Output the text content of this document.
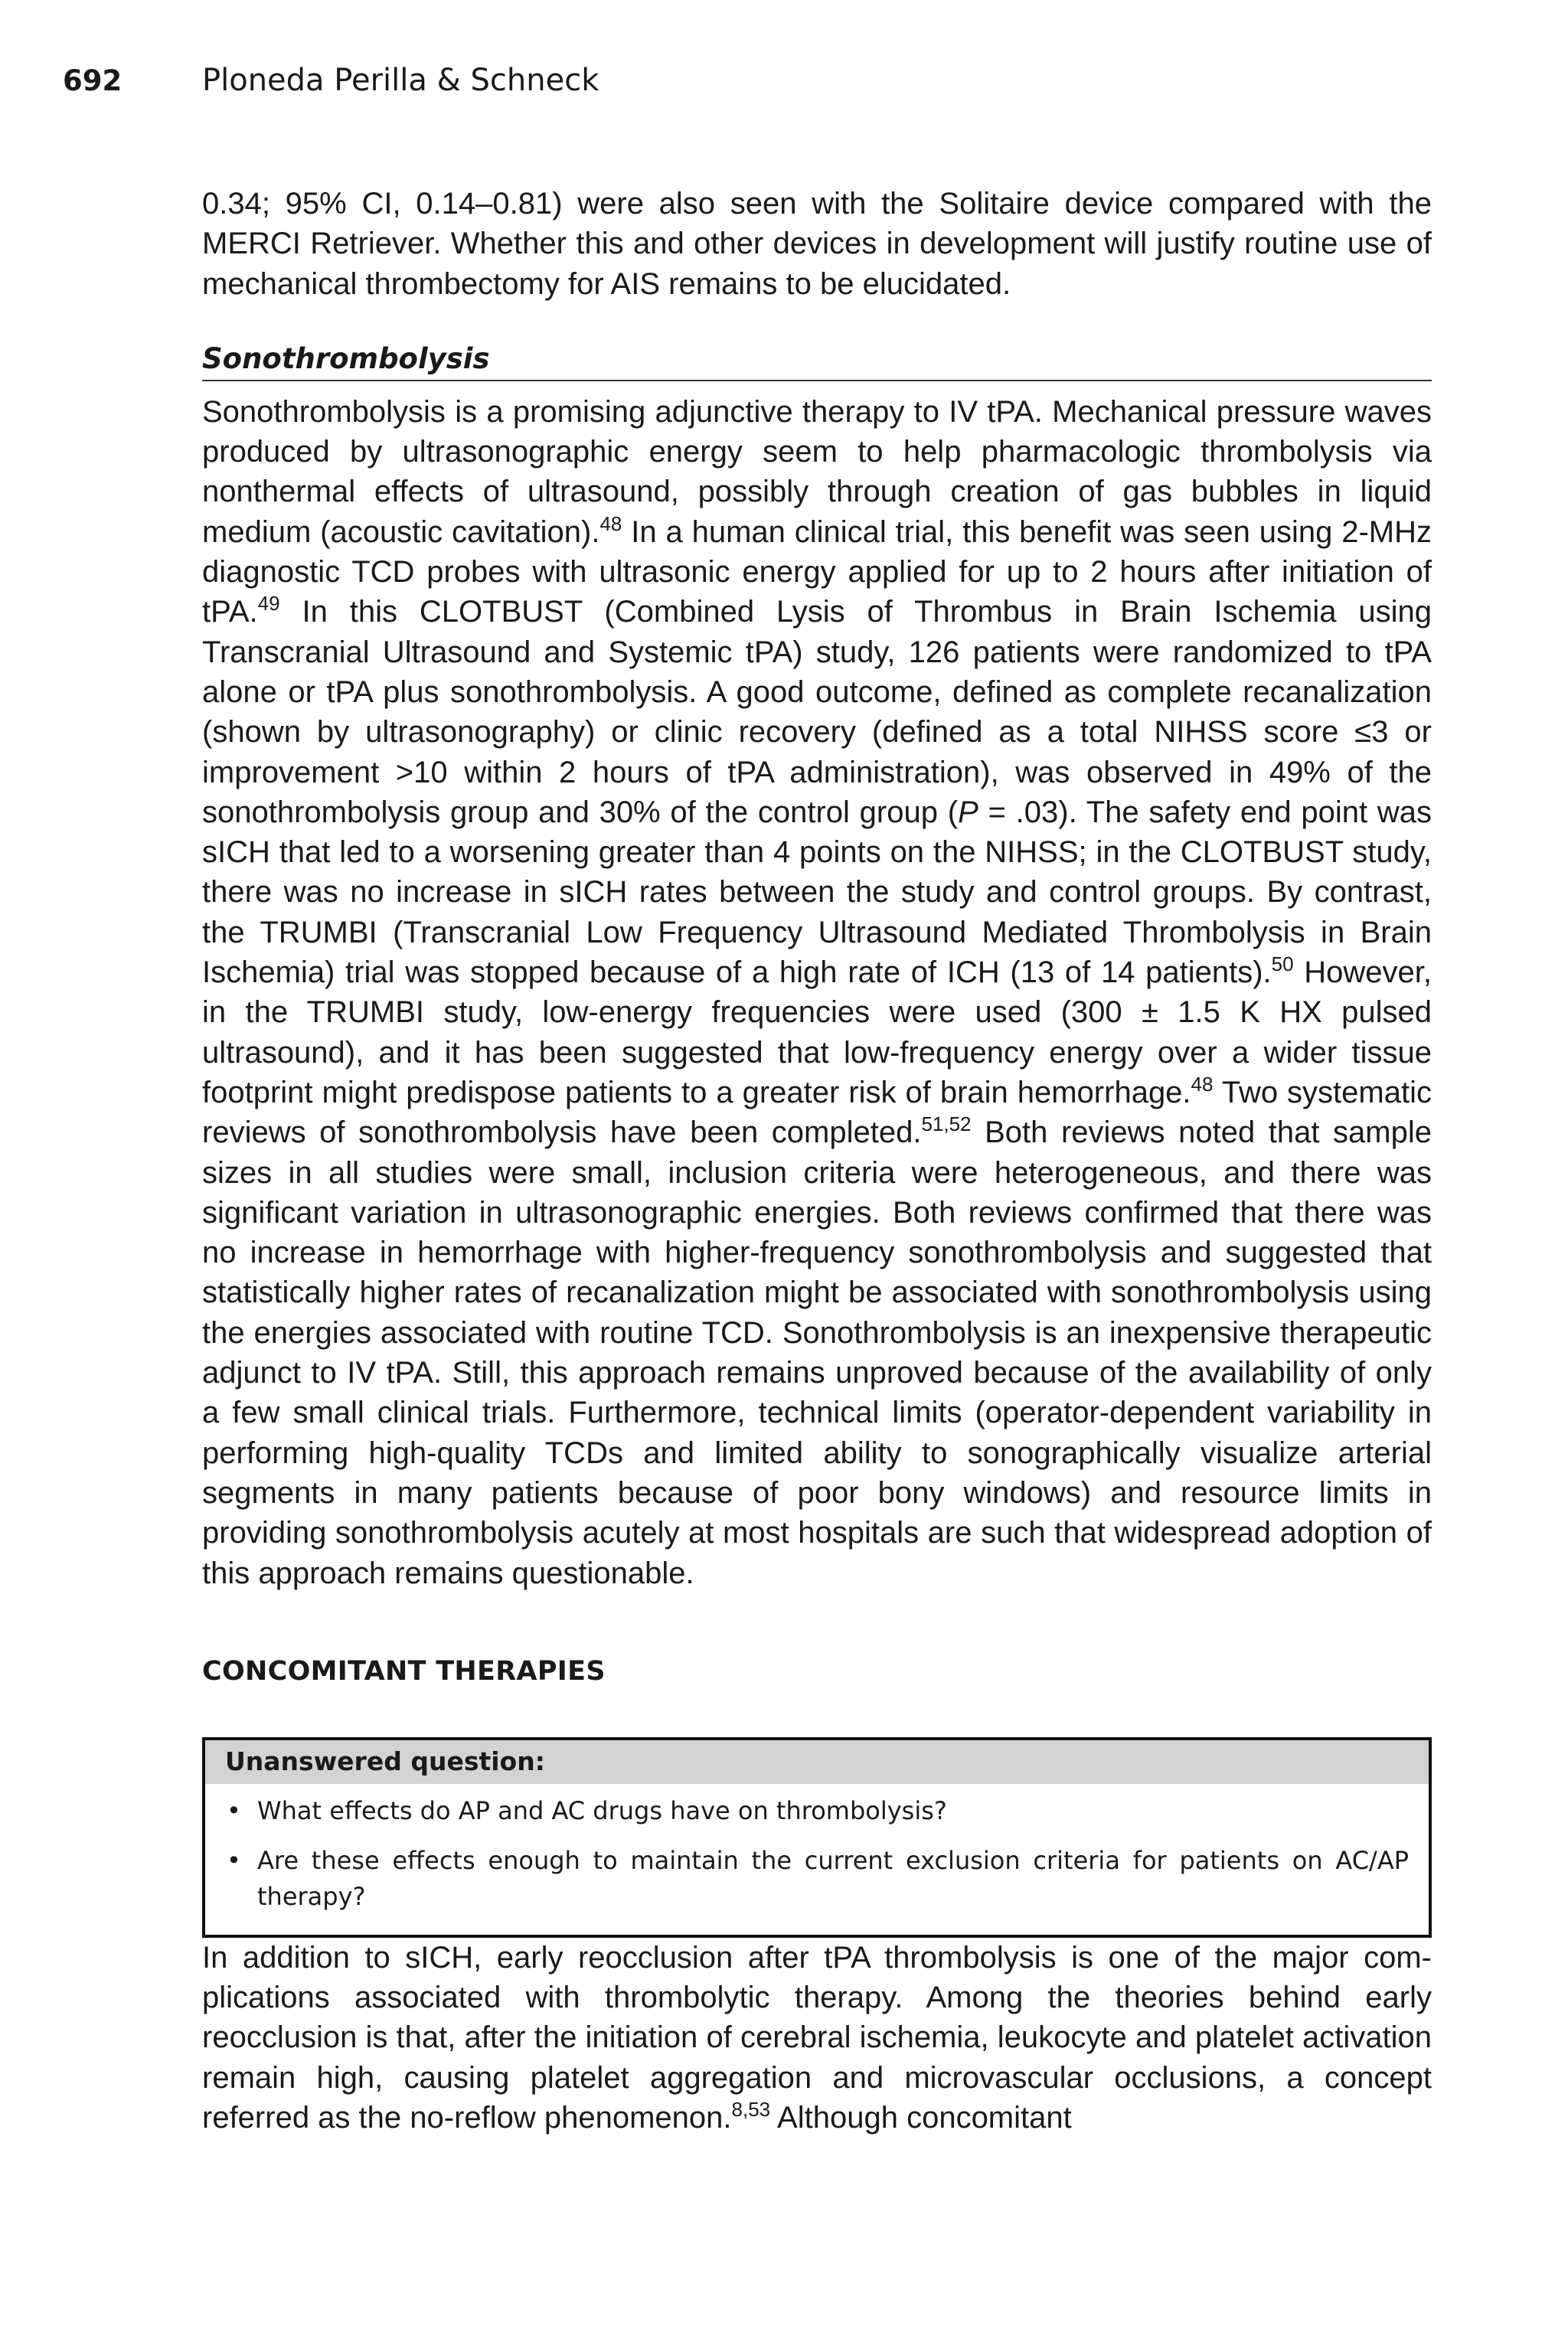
692	Ploneda Perilla & Schneck

0.34; 95% CI, 0.14–0.81) were also seen with the Solitaire device compared with the MERCI Retriever. Whether this and other devices in development will justify routine use of mechanical thrombectomy for AIS remains to be elucidated.

Sonothrombolysis

Sonothrombolysis is a promising adjunctive therapy to IV tPA. Mechanical pressure waves produced by ultrasonographic energy seem to help pharmacologic thrombolysis via nonthermal effects of ultrasound, possibly through creation of gas bubbles in liquid medium (acoustic cavitation).$^{48}$ In a human clinical trial, this benefit was seen using 2-MHz diagnostic TCD probes with ultrasonic energy applied for up to 2 hours after initiation of tPA.$^{49}$ In this CLOTBUST (Combined Lysis of Thrombus in Brain Ischemia using Transcranial Ultrasound and Systemic tPA) study, 126 patients were randomized to tPA alone or tPA plus sonothrombolysis. A good outcome, defined as complete recanalization (shown by ultrasonography) or clinic recovery (defined as a total NIHSS score ≤3 or improvement >10 within 2 hours of tPA administration), was observed in 49% of the sonothrombolysis group and 30% of the control group (P = .03). The safety end point was sICH that led to a worsening greater than 4 points on the NIHSS; in the CLOTBUST study, there was no increase in sICH rates between the study and control groups. By contrast, the TRUMBI (Transcranial Low Frequency Ultrasound Mediated Thrombolysis in Brain Ischemia) trial was stopped because of a high rate of ICH (13 of 14 patients).$^{50}$ However, in the TRUMBI study, low-energy frequencies were used (300 ± 1.5 K HX pulsed ultrasound), and it has been suggested that low-frequency energy over a wider tissue footprint might predispose patients to a greater risk of brain hemorrhage.$^{48}$ Two systematic reviews of sonothrombolysis have been completed.$^{51,52}$ Both reviews noted that sample sizes in all studies were small, inclusion criteria were heterogeneous, and there was significant variation in ultrasonographic energies. Both reviews confirmed that there was no increase in hemorrhage with higher-frequency sonothrombolysis and suggested that statistically higher rates of recanalization might be associated with sonothrombolysis using the energies associated with routine TCD. Sonothrombolysis is an inexpensive therapeutic adjunct to IV tPA. Still, this approach remains unproved because of the availability of only a few small clinical trials. Furthermore, technical limits (operator-dependent variability in performing high-quality TCDs and limited ability to sonographically visualize arterial segments in many patients because of poor bony windows) and resource limits in providing sonothrombolysis acutely at most hospitals are such that widespread adoption of this approach remains questionable.

CONCOMITANT THERAPIES
Unanswered question:
• What effects do AP and AC drugs have on thrombolysis?
• Are these effects enough to maintain the current exclusion criteria for patients on AC/AP therapy?

In addition to sICH, early reocclusion after tPA thrombolysis is one of the major complications associated with thrombolytic therapy. Among the theories behind early reocclusion is that, after the initiation of cerebral ischemia, leukocyte and platelet activation remain high, causing platelet aggregation and microvascular occlusions, a concept referred as the no-reflow phenomenon.$^{8,53}$ Although concomitant
